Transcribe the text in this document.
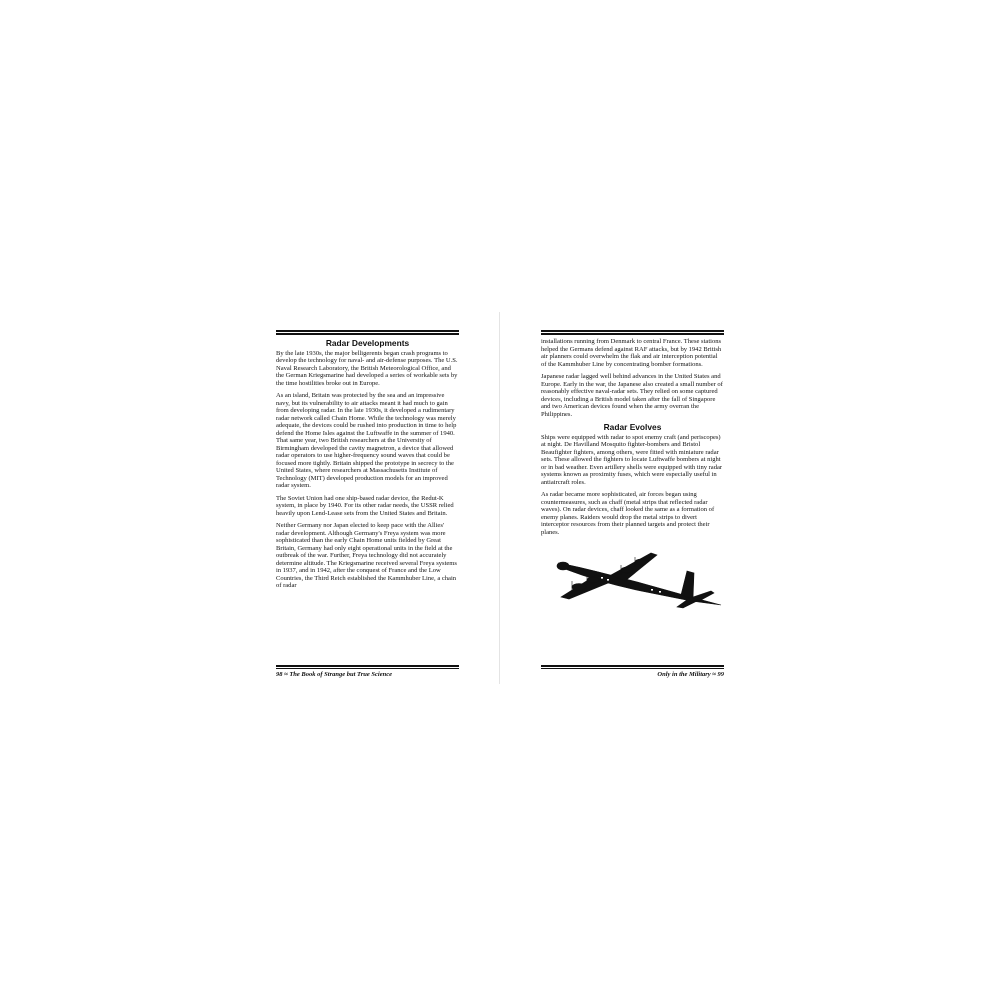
Radar Developments

By the late 1930s, the major belligerents began crash programs to develop the technology for naval- and air-defense purposes. The U.S. Naval Research Laboratory, the British Meteorological Office, and the German Kriegsmarine had developed a series of workable sets by the time hostilities broke out in Europe.

As an island, Britain was protected by the sea and an impressive navy, but its vulnerability to air attacks meant it had much to gain from developing radar. In the late 1930s, it developed a rudimentary radar network called Chain Home. While the technology was merely adequate, the devices could be rushed into production in time to help defend the Home Isles against the Luftwaffe in the summer of 1940. That same year, two British researchers at the University of Birmingham developed the cavity magnetron, a device that allowed radar operators to use higher-frequency sound waves that could be focused more tightly. Britain shipped the prototype in secrecy to the United States, where researchers at Massachusetts Institute of Technology (MIT) developed production models for an improved radar system.

The Soviet Union had one ship-based radar device, the Redut-K system, in place by 1940. For its other radar needs, the USSR relied heavily upon Lend-Lease sets from the United States and Britain.

Neither Germany nor Japan elected to keep pace with the Allies' radar development. Although Germany's Freya system was more sophisticated than the early Chain Home units fielded by Great Britain, Germany had only eight operational units in the field at the outbreak of the war. Further, Freya technology did not accurately determine altitude. The Kriegsmarine received several Freya systems in 1937, and in 1942, after the conquest of France and the Low Countries, the Third Reich established the Kammhuber Line, a chain of radar

98 ≈ The Book of Strange but True Science

installations running from Denmark to central France. These stations helped the Germans defend against RAF attacks, but by 1942 British air planners could overwhelm the flak and air interception potential of the Kammhuber Line by concentrating bomber formations.

Japanese radar lagged well behind advances in the United States and Europe. Early in the war, the Japanese also created a small number of reasonably effective naval-radar sets. They relied on some captured devices, including a British model taken after the fall of Singapore and two American devices found when the army overran the Philippines.

Radar Evolves

Ships were equipped with radar to spot enemy craft (and periscopes) at night. De Havilland Mosquito fighter-bombers and Bristol Beaufighter fighters, among others, were fitted with miniature radar sets. These allowed the fighters to locate Luftwaffe bombers at night or in bad weather. Even artillery shells were equipped with tiny radar systems known as proximity fuses, which were especially useful in antiaircraft roles.

As radar became more sophisticated, air forces began using countermeasures, such as chaff (metal strips that reflected radar waves). On radar devices, chaff looked the same as a formation of enemy planes. Raiders would drop the metal strips to divert interceptor resources from their planned targets and protect their planes.

Only in the Military ≈ 99
